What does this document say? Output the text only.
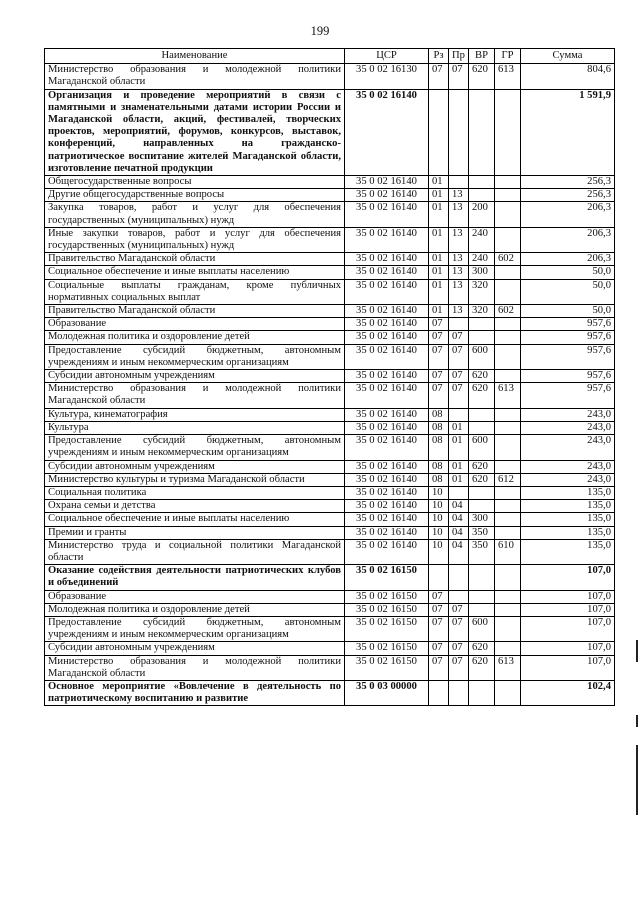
199
Наименование	ЦСР	Рз	Пр	ВР	ГР	Сумма
Министерство образования и молодежной политики Магаданской области	35 0 02 16130	07	07	620	613	804,6
Организация и проведение мероприятий в связи с памятными и знаменательными датами истории России и Магаданской области, акций, фестивалей, творческих проектов, мероприятий, форумов, конкурсов, выставок, конференций, направленных на гражданско-патриотическое воспитание жителей Магаданской области, изготовление печатной продукции	35 0 02 16140					1 591,9
Общегосударственные вопросы	35 0 02 16140	01				256,3
Другие общегосударственные вопросы	35 0 02 16140	01	13			256,3
Закупка товаров, работ и услуг для обеспечения государственных (муниципальных) нужд	35 0 02 16140	01	13	200		206,3
Иные закупки товаров, работ и услуг для обеспечения государственных (муниципальных) нужд	35 0 02 16140	01	13	240		206,3
Правительство Магаданской области	35 0 02 16140	01	13	240	602	206,3
Социальное обеспечение и иные выплаты населению	35 0 02 16140	01	13	300		50,0
Социальные выплаты гражданам, кроме публичных нормативных социальных выплат	35 0 02 16140	01	13	320		50,0
Правительство Магаданской области	35 0 02 16140	01	13	320	602	50,0
Образование	35 0 02 16140	07				957,6
Молодежная политика и оздоровление детей	35 0 02 16140	07	07			957,6
Предоставление субсидий бюджетным, автономным учреждениям и иным некоммерческим организациям	35 0 02 16140	07	07	600		957,6
Субсидии автономным учреждениям	35 0 02 16140	07	07	620		957,6
Министерство образования и молодежной политики Магаданской области	35 0 02 16140	07	07	620	613	957,6
Культура, кинематография	35 0 02 16140	08				243,0
Культура	35 0 02 16140	08	01			243,0
Предоставление субсидий бюджетным, автономным учреждениям и иным некоммерческим организациям	35 0 02 16140	08	01	600		243,0
Субсидии автономным учреждениям	35 0 02 16140	08	01	620		243,0
Министерство культуры и туризма Магаданской области	35 0 02 16140	08	01	620	612	243,0
Социальная политика	35 0 02 16140	10				135,0
Охрана семьи и детства	35 0 02 16140	10	04			135,0
Социальное обеспечение и иные выплаты населению	35 0 02 16140	10	04	300		135,0
Премии и гранты	35 0 02 16140	10	04	350		135,0
Министерство труда и социальной политики Магаданской области	35 0 02 16140	10	04	350	610	135,0
Оказание содействия деятельности патриотических клубов и объединений	35 0 02 16150					107,0
Образование	35 0 02 16150	07				107,0
Молодежная политика и оздоровление детей	35 0 02 16150	07	07			107,0
Предоставление субсидий бюджетным, автономным учреждениям и иным некоммерческим организациям	35 0 02 16150	07	07	600		107,0
Субсидии автономным учреждениям	35 0 02 16150	07	07	620		107,0
Министерство образования и молодежной политики Магаданской области	35 0 02 16150	07	07	620	613	107,0
Основное мероприятие «Вовлечение в деятельность по патриотическому воспитанию и развитие	35 0 03 00000					102,4
